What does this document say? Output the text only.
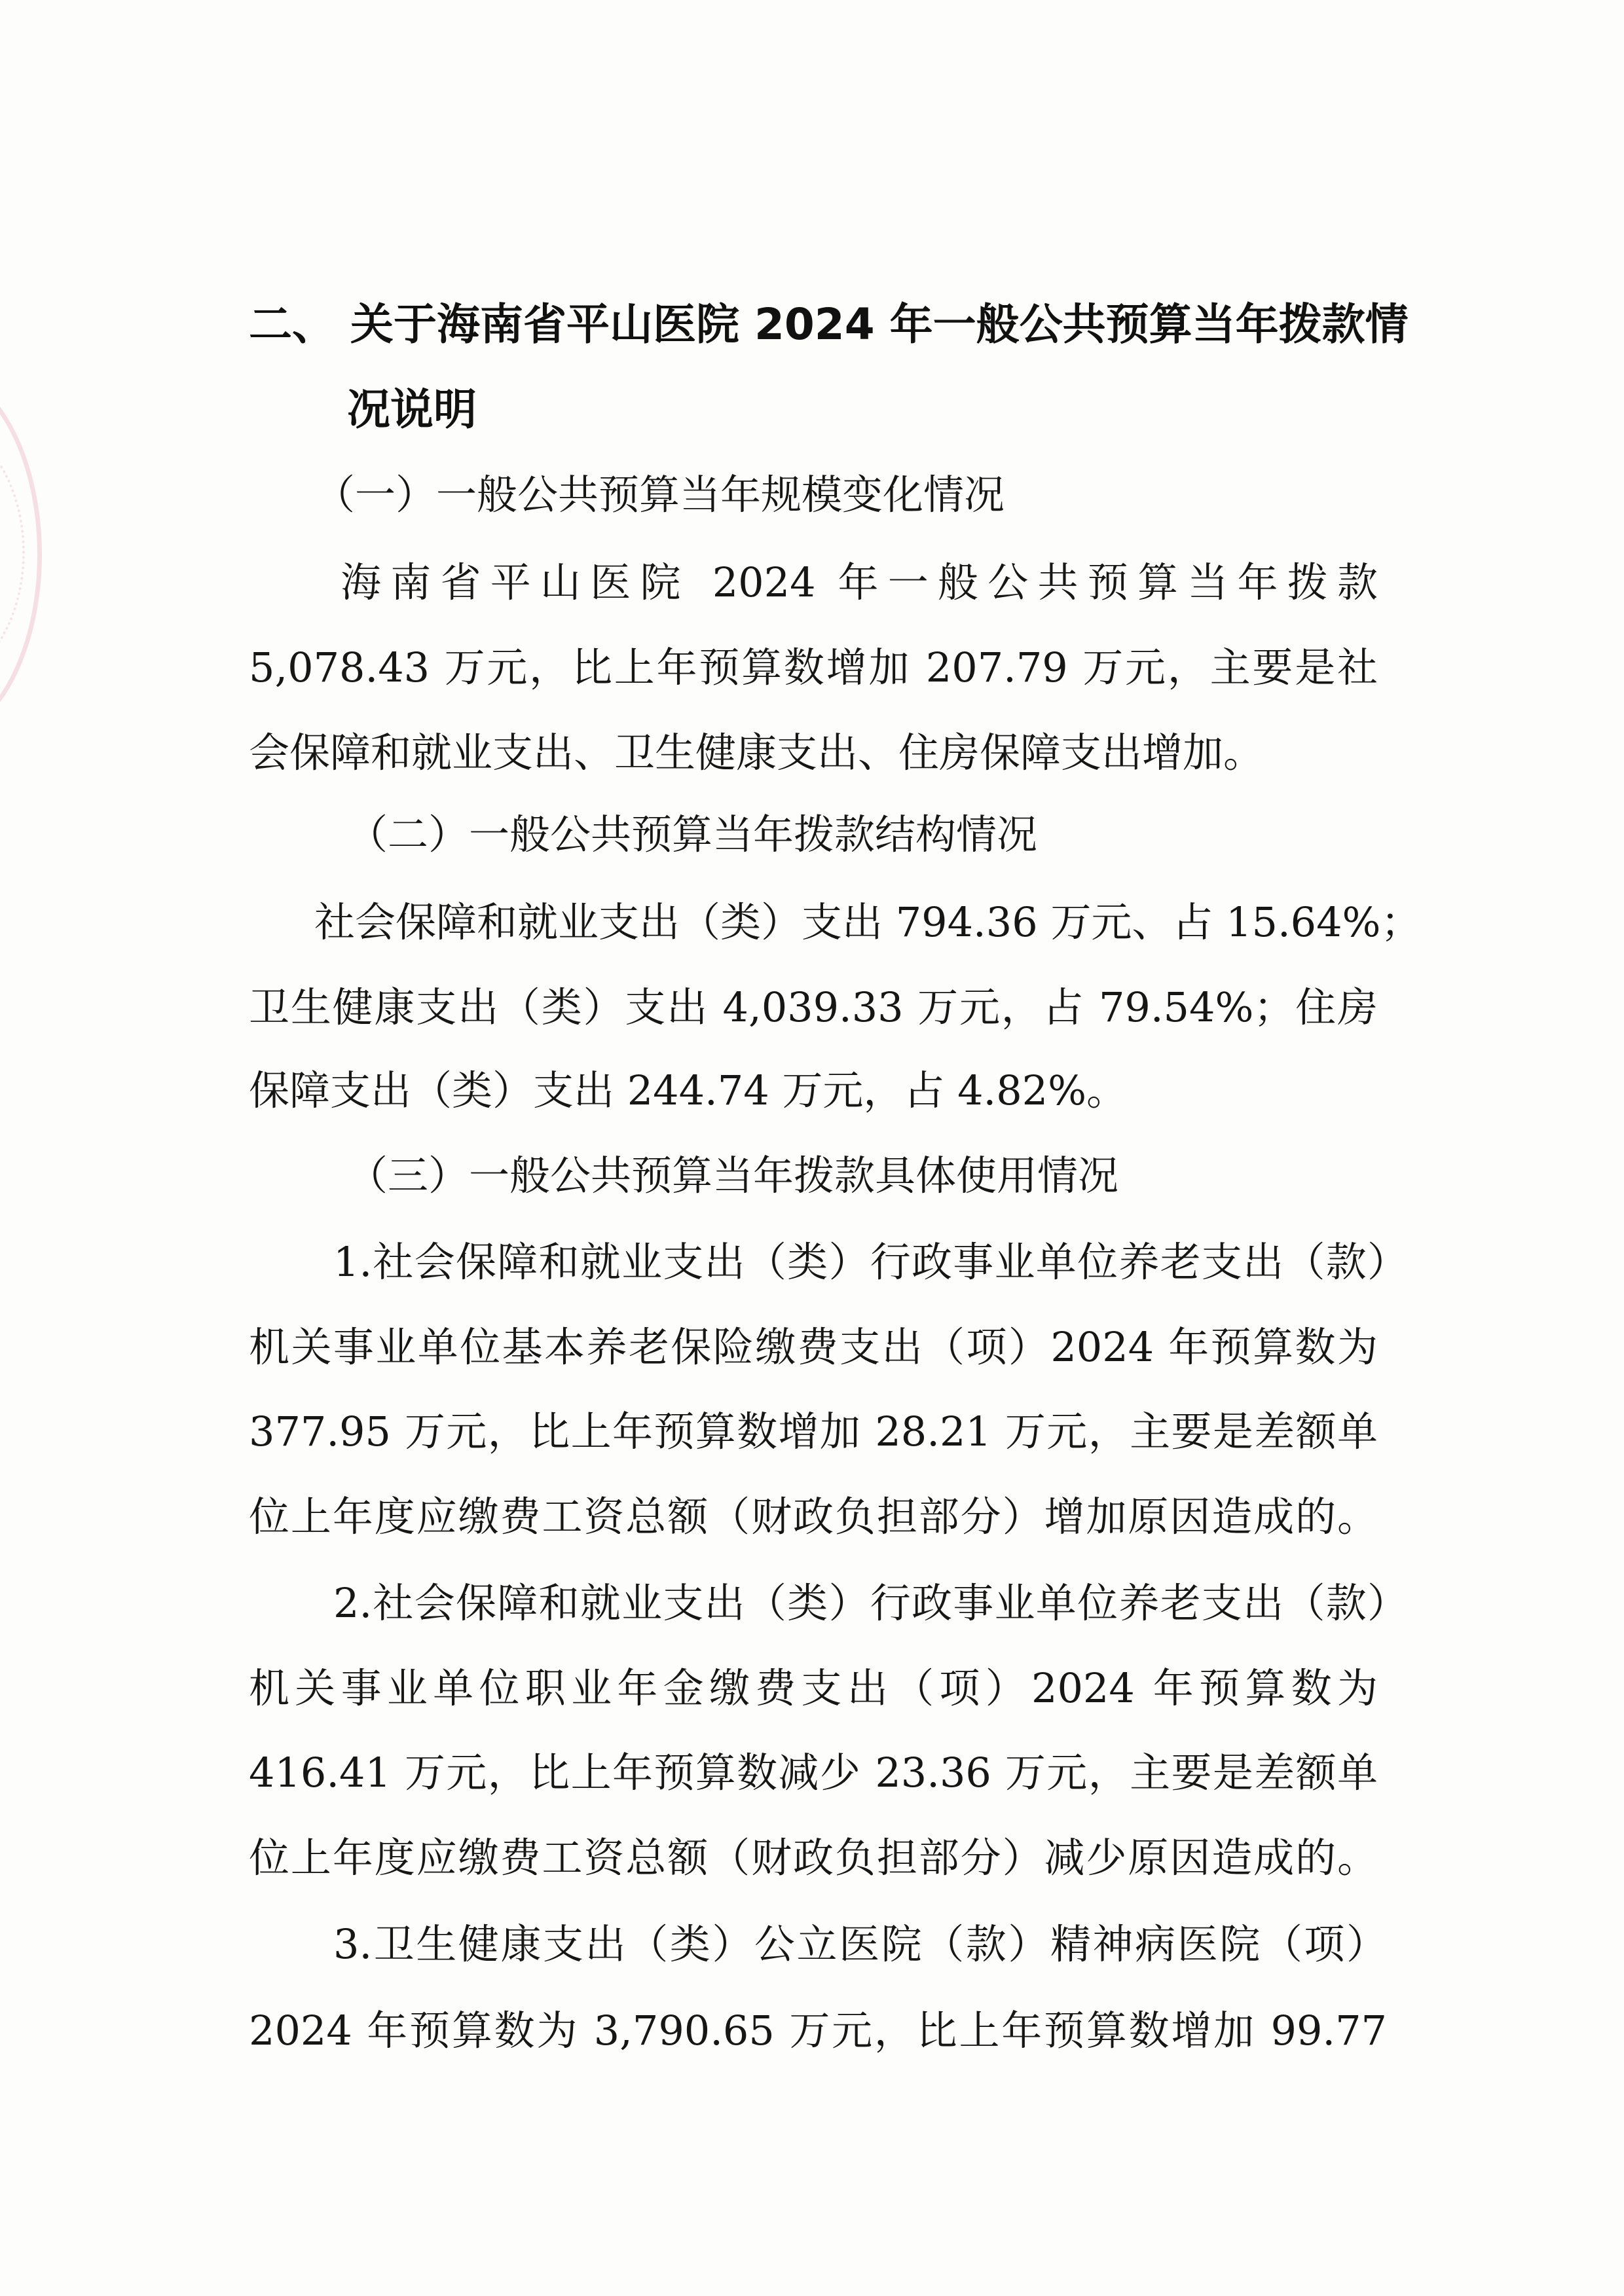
二、 关于海南省平山医院 2024 年一般公共预算当年拨款情

况说明

（一）一般公共预算当年规模变化情况

海南省平山医院 2024 年一般公共预算当年拨款

5,078.43 万元，比上年预算数增加 207.79 万元，主要是社

会保障和就业支出、卫生健康支出、住房保障支出增加。

（二）一般公共预算当年拨款结构情况

社会保障和就业支出（类）支出 794.36 万元、占 15.64%；

卫生健康支出（类）支出 4,039.33 万元，占 79.54%；住房

保障支出（类）支出 244.74 万元，占 4.82%。

（三）一般公共预算当年拨款具体使用情况

1.社会保障和就业支出（类）行政事业单位养老支出（款）

机关事业单位基本养老保险缴费支出（项）2024 年预算数为

377.95 万元，比上年预算数增加 28.21 万元，主要是差额单

位上年度应缴费工资总额（财政负担部分）增加原因造成的。

2.社会保障和就业支出（类）行政事业单位养老支出（款）

机关事业单位职业年金缴费支出（项）2024 年预算数为

416.41 万元，比上年预算数减少 23.36 万元，主要是差额单

位上年度应缴费工资总额（财政负担部分）减少原因造成的。

3.卫生健康支出（类）公立医院（款）精神病医院（项）

2024 年预算数为 3,790.65 万元，比上年预算数增加 99.77
